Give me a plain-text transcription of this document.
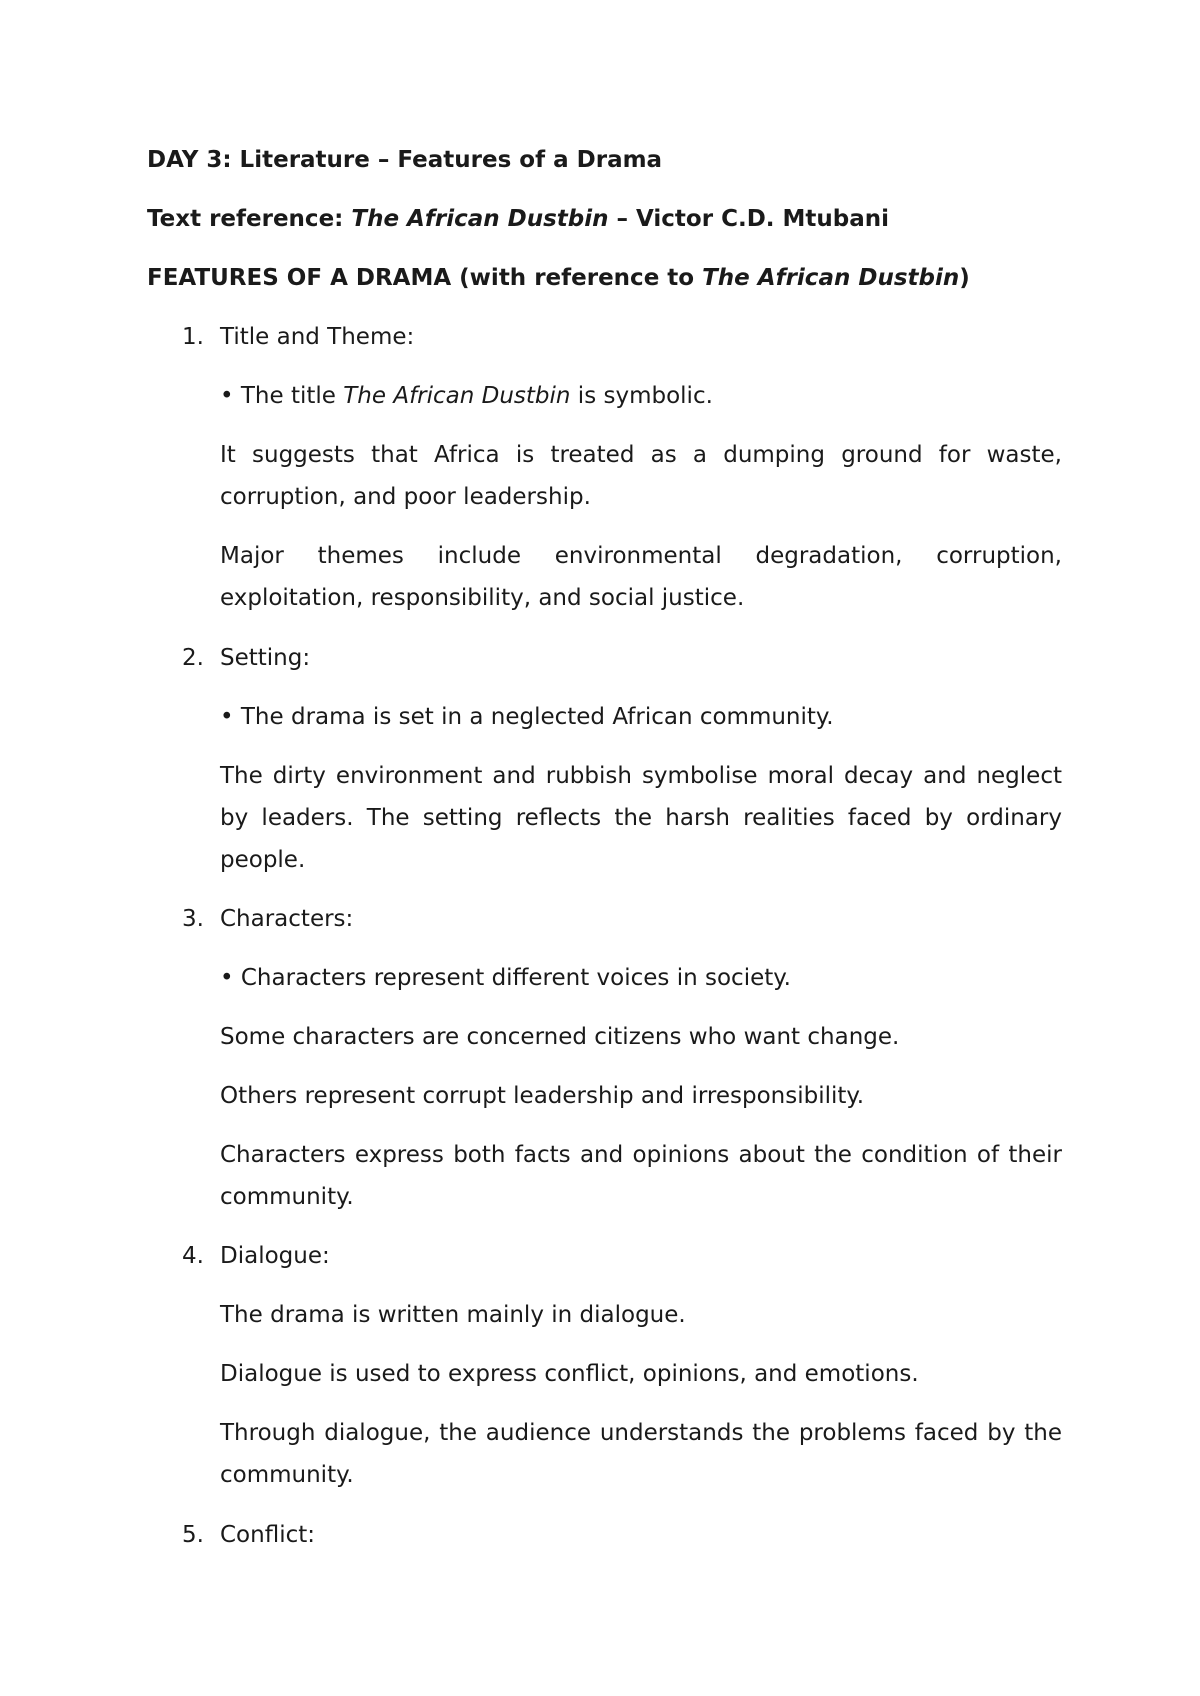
DAY 3: Literature – Features of a Drama
Text reference: The African Dustbin – Victor C.D. Mtubani
FEATURES OF A DRAMA (with reference to The African Dustbin)
1. Title and Theme:
• The title The African Dustbin is symbolic.
It suggests that Africa is treated as a dumping ground for waste, corruption, and poor leadership.
Major themes include environmental degradation, corruption, exploitation, responsibility, and social justice.
2. Setting:
• The drama is set in a neglected African community.
The dirty environment and rubbish symbolise moral decay and neglect by leaders. The setting reflects the harsh realities faced by ordinary people.
3. Characters:
• Characters represent different voices in society.
Some characters are concerned citizens who want change.
Others represent corrupt leadership and irresponsibility.
Characters express both facts and opinions about the condition of their community.
4. Dialogue:
The drama is written mainly in dialogue.
Dialogue is used to express conflict, opinions, and emotions.
Through dialogue, the audience understands the problems faced by the community.
5. Conflict:
